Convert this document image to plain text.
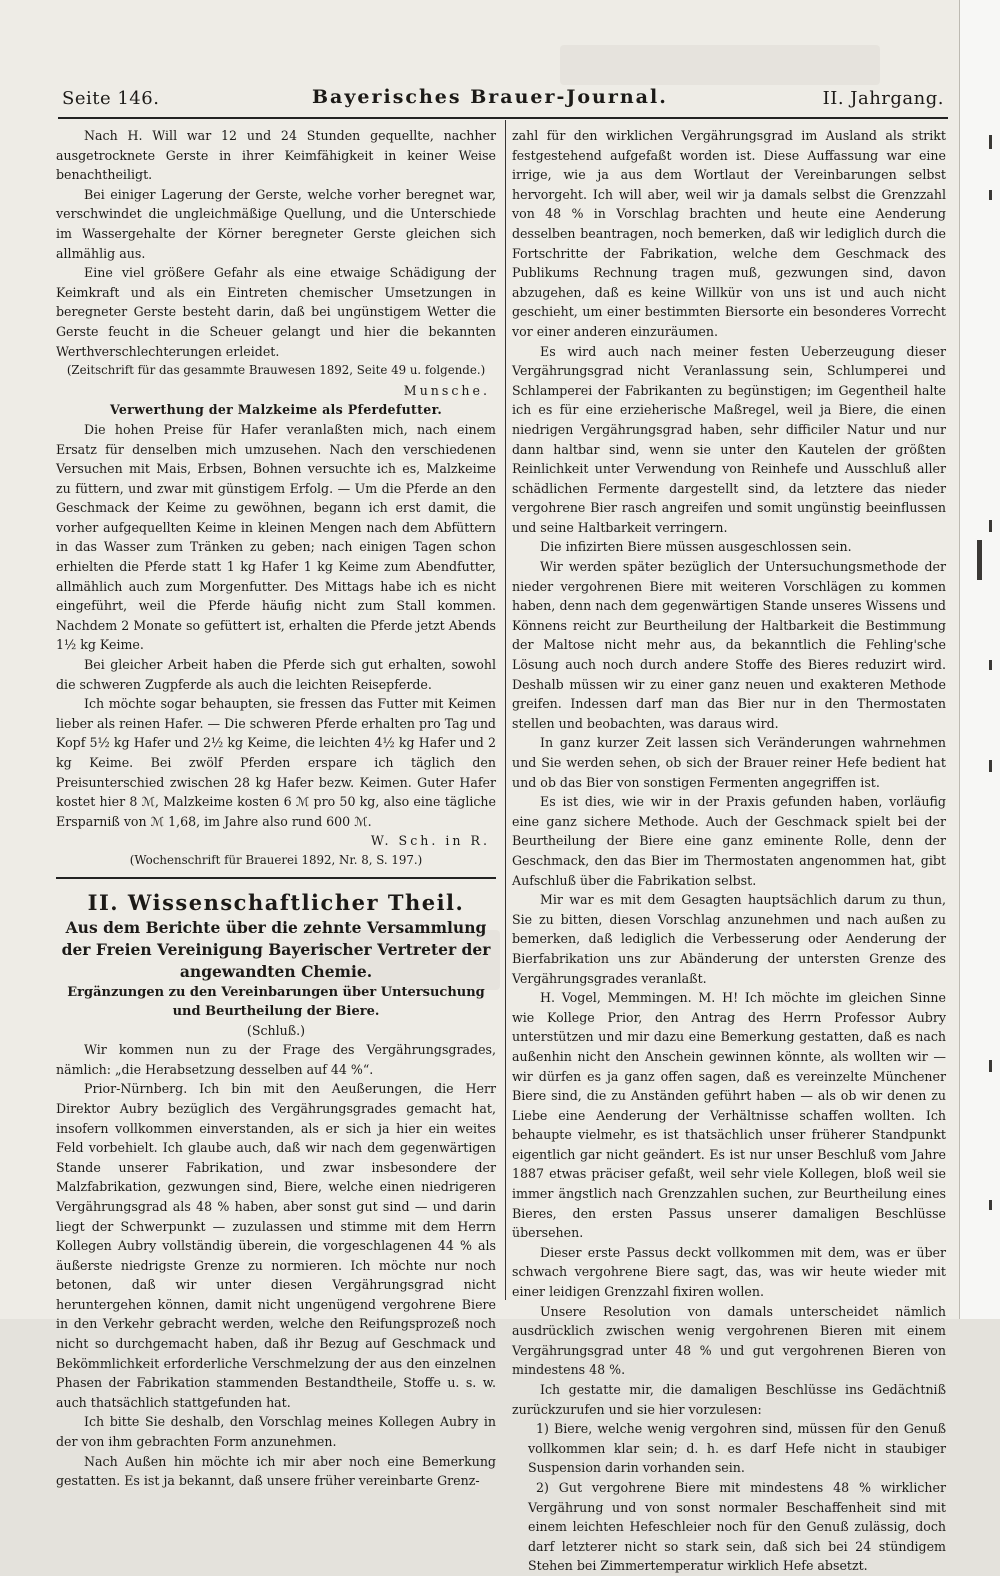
Seite 146.	Bayerisches Brauer-Journal.	II. Jahrgang.

Nach H. Will war 12 und 24 Stunden gequellte, nachher ausgetrocknete Gerste in ihrer Keimfähigkeit in keiner Weise benachtheiligt.

Bei einiger Lagerung der Gerste, welche vorher beregnet war, verschwindet die ungleichmäßige Quellung, und die Unterschiede im Wassergehalte der Körner beregneter Gerste gleichen sich allmählig aus.

Eine viel größere Gefahr als eine etwaige Schädigung der Keimkraft und als ein Eintreten chemischer Umsetzungen in beregneter Gerste besteht darin, daß bei ungünstigem Wetter die Gerste feucht in die Scheuer gelangt und hier die bekannten Werthverschlechterungen erleidet.

(Zeitschrift für das gesammte Brauwesen 1892, Seite 49 u. folgende.)

Munsche.

Verwerthung der Malzkeime als Pferdefutter.

Die hohen Preise für Hafer veranlaßten mich, nach einem Ersatz für denselben mich umzusehen. Nach den verschiedenen Versuchen mit Mais, Erbsen, Bohnen versuchte ich es, Malzkeime zu füttern, und zwar mit günstigem Erfolg. — Um die Pferde an den Geschmack der Keime zu gewöhnen, begann ich erst damit, die vorher aufgequellten Keime in kleinen Mengen nach dem Abfüttern in das Wasser zum Tränken zu geben; nach einigen Tagen schon erhielten die Pferde statt 1 kg Hafer 1 kg Keime zum Abendfutter, allmählich auch zum Morgenfutter. Des Mittags habe ich es nicht eingeführt, weil die Pferde häufig nicht zum Stall kommen. Nachdem 2 Monate so gefüttert ist, erhalten die Pferde jetzt Abends 1½ kg Keime.

Bei gleicher Arbeit haben die Pferde sich gut erhalten, sowohl die schweren Zugpferde als auch die leichten Reisepferde.

Ich möchte sogar behaupten, sie fressen das Futter mit Keimen lieber als reinen Hafer. — Die schweren Pferde erhalten pro Tag und Kopf 5½ kg Hafer und 2½ kg Keime, die leichten 4½ kg Hafer und 2 kg Keime. Bei zwölf Pferden erspare ich täglich den Preisunterschied zwischen 28 kg Hafer bezw. Keimen. Guter Hafer kostet hier 8 ℳ, Malzkeime kosten 6 ℳ pro 50 kg, also eine tägliche Ersparniß von ℳ 1,68, im Jahre also rund 600 ℳ.

W. Sch. in R.

(Wochenschrift für Brauerei 1892, Nr. 8, S. 197.)

II. Wissenschaftlicher Theil.

Aus dem Berichte über die zehnte Versammlung der Freien Vereinigung Bayerischer Vertreter der angewandten Chemie.

Ergänzungen zu den Vereinbarungen über Untersuchung und Beurtheilung der Biere.

(Schluß.)

Wir kommen nun zu der Frage des Vergährungsgrades, nämlich: „die Herabsetzung desselben auf 44 %“.

Prior-Nürnberg. Ich bin mit den Aeußerungen, die Herr Direktor Aubry bezüglich des Vergährungsgrades gemacht hat, insofern vollkommen einverstanden, als er sich ja hier ein weites Feld vorbehielt. Ich glaube auch, daß wir nach dem gegenwärtigen Stande unserer Fabrikation, und zwar insbesondere der Malzfabrikation, gezwungen sind, Biere, welche einen niedrigeren Vergährungsgrad als 48 % haben, aber sonst gut sind — und darin liegt der Schwerpunkt — zuzulassen und stimme mit dem Herrn Kollegen Aubry vollständig überein, die vorgeschlagenen 44 % als äußerste niedrigste Grenze zu normieren. Ich möchte nur noch betonen, daß wir unter diesen Vergährungsgrad nicht heruntergehen können, damit nicht ungenügend vergohrene Biere in den Verkehr gebracht werden, welche den Reifungsprozeß noch nicht so durchgemacht haben, daß ihr Bezug auf Geschmack und Bekömmlichkeit erforderliche Verschmelzung der aus den einzelnen Phasen der Fabrikation stammenden Bestandtheile, Stoffe u. s. w. auch thatsächlich stattgefunden hat.

Ich bitte Sie deshalb, den Vorschlag meines Kollegen Aubry in der von ihm gebrachten Form anzunehmen.

Nach Außen hin möchte ich mir aber noch eine Bemerkung gestatten. Es ist ja bekannt, daß unsere früher vereinbarte Grenz-

zahl für den wirklichen Vergährungsgrad im Ausland als strikt festgestehend aufgefaßt worden ist. Diese Auffassung war eine irrige, wie ja aus dem Wortlaut der Vereinbarungen selbst hervorgeht. Ich will aber, weil wir ja damals selbst die Grenzzahl von 48 % in Vorschlag brachten und heute eine Aenderung desselben beantragen, noch bemerken, daß wir lediglich durch die Fortschritte der Fabrikation, welche dem Geschmack des Publikums Rechnung tragen muß, gezwungen sind, davon abzugehen, daß es keine Willkür von uns ist und auch nicht geschieht, um einer bestimmten Biersorte ein besonderes Vorrecht vor einer anderen einzuräumen.

Es wird auch nach meiner festen Ueberzeugung dieser Vergährungsgrad nicht Veranlassung sein, Schlumperei und Schlamperei der Fabrikanten zu begünstigen; im Gegentheil halte ich es für eine erzieherische Maßregel, weil ja Biere, die einen niedrigen Vergährungsgrad haben, sehr difficiler Natur und nur dann haltbar sind, wenn sie unter den Kautelen der größten Reinlichkeit unter Verwendung von Reinhefe und Ausschluß aller schädlichen Fermente dargestellt sind, da letztere das nieder vergohrene Bier rasch angreifen und somit ungünstig beeinflussen und seine Haltbarkeit verringern.

Die infizirten Biere müssen ausgeschlossen sein.

Wir werden später bezüglich der Untersuchungsmethode der nieder vergohrenen Biere mit weiteren Vorschlägen zu kommen haben, denn nach dem gegenwärtigen Stande unseres Wissens und Könnens reicht zur Beurtheilung der Haltbarkeit die Bestimmung der Maltose nicht mehr aus, da bekanntlich die Fehling'sche Lösung auch noch durch andere Stoffe des Bieres reduzirt wird. Deshalb müssen wir zu einer ganz neuen und exakteren Methode greifen. Indessen darf man das Bier nur in den Thermostaten stellen und beobachten, was daraus wird.

In ganz kurzer Zeit lassen sich Veränderungen wahrnehmen und Sie werden sehen, ob sich der Brauer reiner Hefe bedient hat und ob das Bier von sonstigen Fermenten angegriffen ist.

Es ist dies, wie wir in der Praxis gefunden haben, vorläufig eine ganz sichere Methode. Auch der Geschmack spielt bei der Beurtheilung der Biere eine ganz eminente Rolle, denn der Geschmack, den das Bier im Thermostaten angenommen hat, gibt Aufschluß über die Fabrikation selbst.

Mir war es mit dem Gesagten hauptsächlich darum zu thun, Sie zu bitten, diesen Vorschlag anzunehmen und nach außen zu bemerken, daß lediglich die Verbesserung oder Aenderung der Bierfabrikation uns zur Abänderung der untersten Grenze des Vergährungsgrades veranlaßt.

H. Vogel, Memmingen. M. H! Ich möchte im gleichen Sinne wie Kollege Prior, den Antrag des Herrn Professor Aubry unterstützen und mir dazu eine Bemerkung gestatten, daß es nach außenhin nicht den Anschein gewinnen könnte, als wollten wir — wir dürfen es ja ganz offen sagen, daß es vereinzelte Münchener Biere sind, die zu Anständen geführt haben — als ob wir denen zu Liebe eine Aenderung der Verhältnisse schaffen wollten. Ich behaupte vielmehr, es ist thatsächlich unser früherer Standpunkt eigentlich gar nicht geändert. Es ist nur unser Beschluß vom Jahre 1887 etwas präciser gefaßt, weil sehr viele Kollegen, bloß weil sie immer ängstlich nach Grenzzahlen suchen, zur Beurtheilung eines Bieres, den ersten Passus unserer damaligen Beschlüsse übersehen.

Dieser erste Passus deckt vollkommen mit dem, was er über schwach vergohrene Biere sagt, das, was wir heute wieder mit einer leidigen Grenzzahl fixiren wollen.

Unsere Resolution von damals unterscheidet nämlich ausdrücklich zwischen wenig vergohrenen Bieren mit einem Vergährungsgrad unter 48 % und gut vergohrenen Bieren von mindestens 48 %.

Ich gestatte mir, die damaligen Beschlüsse ins Gedächtniß zurückzurufen und sie hier vorzulesen:

1) Biere, welche wenig vergohren sind, müssen für den Genuß vollkommen klar sein; d. h. es darf Hefe nicht in staubiger Suspension darin vorhanden sein.

2) Gut vergohrene Biere mit mindestens 48 % wirklicher Vergährung und von sonst normaler Beschaffenheit sind mit einem leichten Hefeschleier noch für den Genuß zulässig, doch darf letzterer nicht so stark sein, daß sich bei 24 stündigem Stehen bei Zimmertemperatur wirklich Hefe absetzt.
